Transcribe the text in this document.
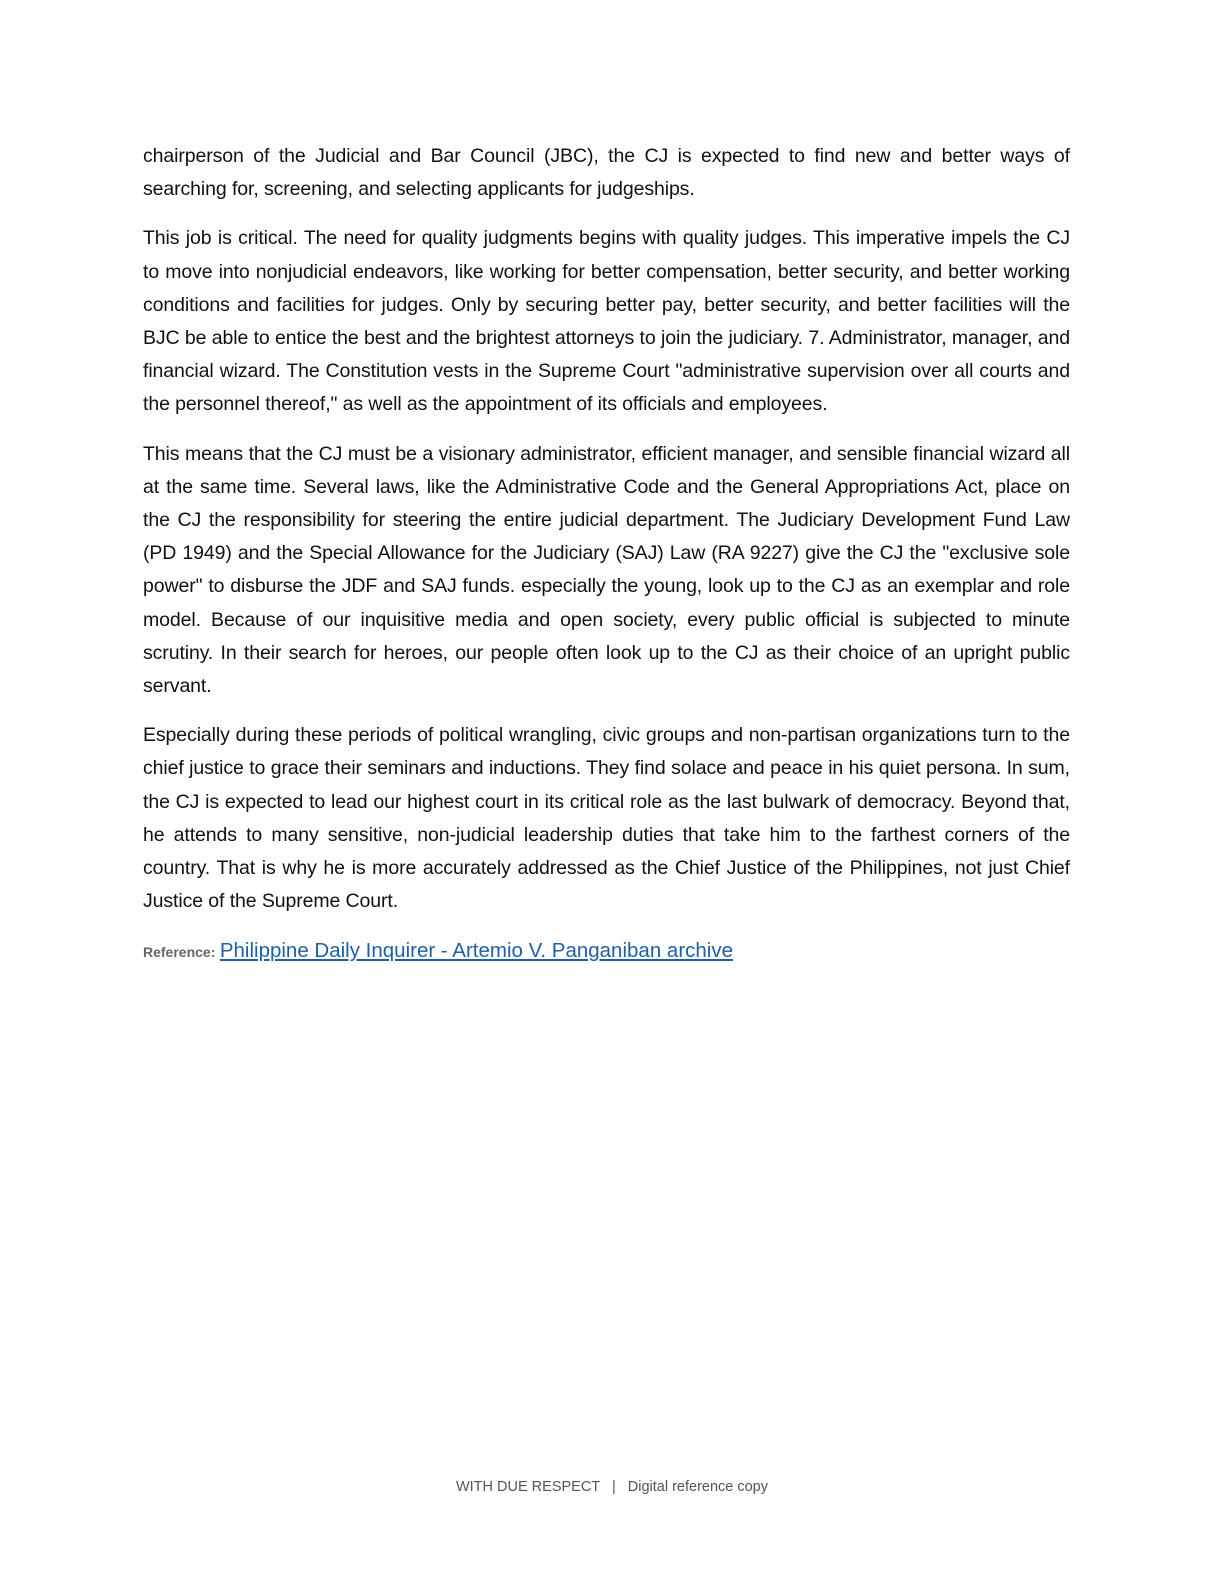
chairperson of the Judicial and Bar Council (JBC), the CJ is expected to find new and better ways of searching for, screening, and selecting applicants for judgeships.

This job is critical. The need for quality judgments begins with quality judges. This imperative impels the CJ to move into nonjudicial endeavors, like working for better compensation, better security, and better working conditions and facilities for judges. Only by securing better pay, better security, and better facilities will the BJC be able to entice the best and the brightest attorneys to join the judiciary. 7. Administrator, manager, and financial wizard. The Constitution vests in the Supreme Court "administrative supervision over all courts and the personnel thereof," as well as the appointment of its officials and employees.

This means that the CJ must be a visionary administrator, efficient manager, and sensible financial wizard all at the same time. Several laws, like the Administrative Code and the General Appropriations Act, place on the CJ the responsibility for steering the entire judicial department. The Judiciary Development Fund Law (PD 1949) and the Special Allowance for the Judiciary (SAJ) Law (RA 9227) give the CJ the "exclusive sole power" to disburse the JDF and SAJ funds. especially the young, look up to the CJ as an exemplar and role model. Because of our inquisitive media and open society, every public official is subjected to minute scrutiny. In their search for heroes, our people often look up to the CJ as their choice of an upright public servant.

Especially during these periods of political wrangling, civic groups and non-partisan organizations turn to the chief justice to grace their seminars and inductions. They find solace and peace in his quiet persona. In sum, the CJ is expected to lead our highest court in its critical role as the last bulwark of democracy. Beyond that, he attends to many sensitive, non-judicial leadership duties that take him to the farthest corners of the country. That is why he is more accurately addressed as the Chief Justice of the Philippines, not just Chief Justice of the Supreme Court.

Reference: Philippine Daily Inquirer - Artemio V. Panganiban archive
WITH DUE RESPECT | Digital reference copy
